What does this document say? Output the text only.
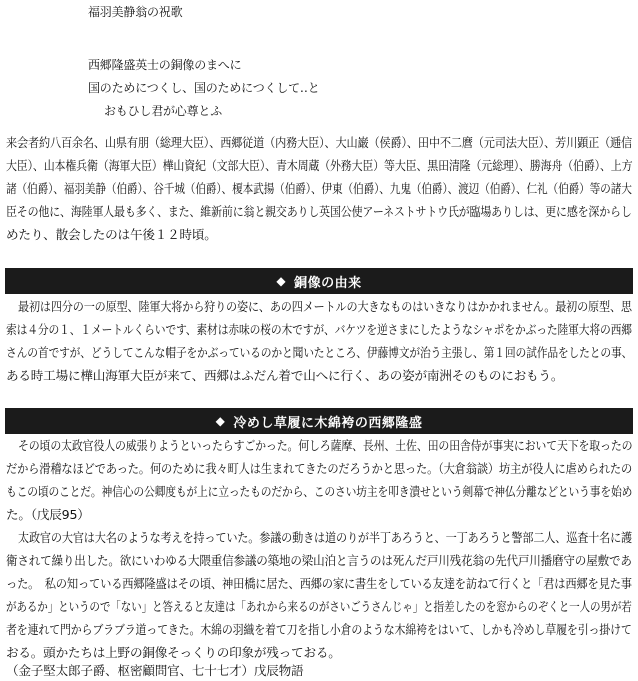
福羽美静翁の祝歌
西郷隆盛英士の銅像のまへに
国のためにつくし、国のためにつくして‥と
おもひし君が心尊とふ
来会者約八百余名、山県有朋（総理大臣）、西郷従道（内務大臣）、大山巌（侯爵）、田中不二麿（元司法大臣）、芳川顕正（逓信
大臣）、山本権兵衛（海軍大臣）樺山資紀（文部大臣）、青木周蔵（外務大臣）等大臣、黒田清隆（元総理）、勝海舟（伯爵）、上方
諸（伯爵）、福羽美静（伯爵）、谷千城（伯爵）、榎本武揚（伯爵）、伊東（伯爵）、九鬼（伯爵）、渡辺（伯爵）、仁礼（伯爵）等の諸大
臣その他に、海陸軍人最も多く、また、維新前に翁と親交ありし英国公使アーネストサトウ氏が臨場ありしは、更に感を深からし
めたり、散会したのは午後１２時頃。
◆ 銅像の由来
最初は四分の一の原型、陸軍大将から狩りの姿に、あの四メートルの大きなものはいきなりはかかれません。最初の原型、思
索は４分の１、１メートルくらいです、素材は赤味の桜の木ですが、バケツを逆さまにしたようなシャポをかぶった陸軍大将の西郷
さんの首ですが、どうしてこんな帽子をかぶっているのかと聞いたところ、伊藤博文が治う主張し、第１回の試作品をしたとの事、
ある時工場に樺山海軍大臣が来て、西郷はふだん着で山へに行く、あの姿が南洲そのものにおもう。
◆ 冷めし草履に木綿袴の西郷隆盛
その頃の太政官役人の威張りようといったらすごかった。何しろ薩摩、長州、土佐、田の田舎侍が事実において天下を取ったの
だから滑稽なほどであった。何のために我々町人は生まれてきたのだろうかと思った。（大倉翁談）坊主が役人に虐められたの
もこの頃のことだ。神信心の公卿度もが上に立ったものだから、このさい坊主を叩き潰せという剣幕で神仏分離などという事を始め
た。（戊辰95）
太政官の大官は大名のような考えを持っていた。参議の動きは道のりが半丁あろうと、一丁あろうと警部二人、巡査十名に護
衛されて繰り出した。欲にいわゆる大隈重信参議の築地の梁山泊と言うのは死んだ戸川残花翁の先代戸川播磨守の屋敷であ
った。　私の知っている西郷隆盛はその頃、神田橋に居た、西郷の家に書生をしている友達を訪ねて行くと「君は西郷を見た事
があるか」というので「ない」と答えると友達は「あれから来るのがさいごうさんじゃ」と指差したのを窓からのぞくと一人の男が若
者を連れて門からブラブラ道ってきた。木綿の羽織を着て刀を指し小倉のような木綿袴をはいて、しかも冷めし草履を引っ掛けて
おる。頭かたちは上野の銅像そっくりの印象が残っておる。
（金子堅太郎子爵、枢密顧問官、七十七才）戊辰物語
